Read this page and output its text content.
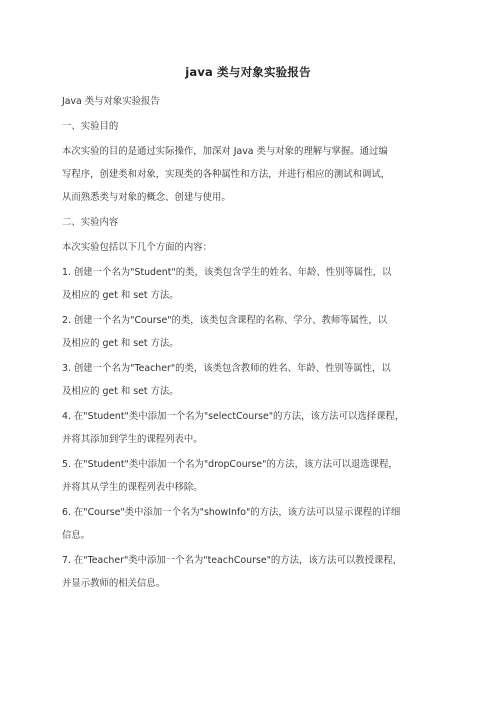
java 类与对象实验报告
Java 类与对象实验报告
一、实验目的
本次实验的目的是通过实际操作，加深对 Java 类与对象的理解与掌握。通过编
写程序，创建类和对象，实现类的各种属性和方法，并进行相应的测试和调试，
从而熟悉类与对象的概念、创建与使用。
二、实验内容
本次实验包括以下几个方面的内容：
1. 创建一个名为"Student"的类，该类包含学生的姓名、年龄、性别等属性，以
及相应的 get 和 set 方法。
2. 创建一个名为"Course"的类，该类包含课程的名称、学分、教师等属性，以
及相应的 get 和 set 方法。
3. 创建一个名为"Teacher"的类，该类包含教师的姓名、年龄、性别等属性，以
及相应的 get 和 set 方法。
4. 在"Student"类中添加一个名为"selectCourse"的方法，该方法可以选择课程，
并将其添加到学生的课程列表中。
5. 在"Student"类中添加一个名为"dropCourse"的方法，该方法可以退选课程，
并将其从学生的课程列表中移除。
6. 在"Course"类中添加一个名为"showInfo"的方法，该方法可以显示课程的详细
信息。
7. 在"Teacher"类中添加一个名为"teachCourse"的方法，该方法可以教授课程，
并显示教师的相关信息。
